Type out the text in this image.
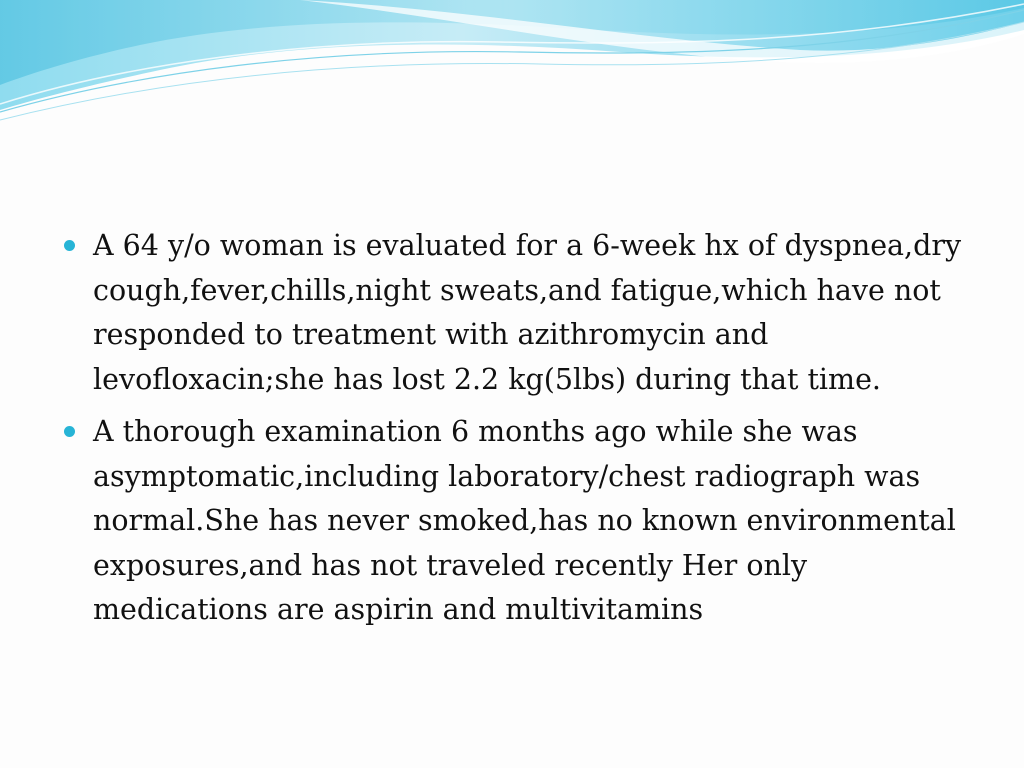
A 64 y/o woman is evaluated for a 6-week hx of dyspnea,dry cough,fever,chills,night sweats,and fatigue,which have not responded to treatment with azithromycin and levofloxacin;she has lost 2.2 kg(5lbs) during that time.
A thorough examination 6 months ago while she was asymptomatic,including laboratory/chest radiograph was normal.She has never smoked,has no known environmental exposures,and has not traveled recently Her only medications are aspirin and multivitamins
